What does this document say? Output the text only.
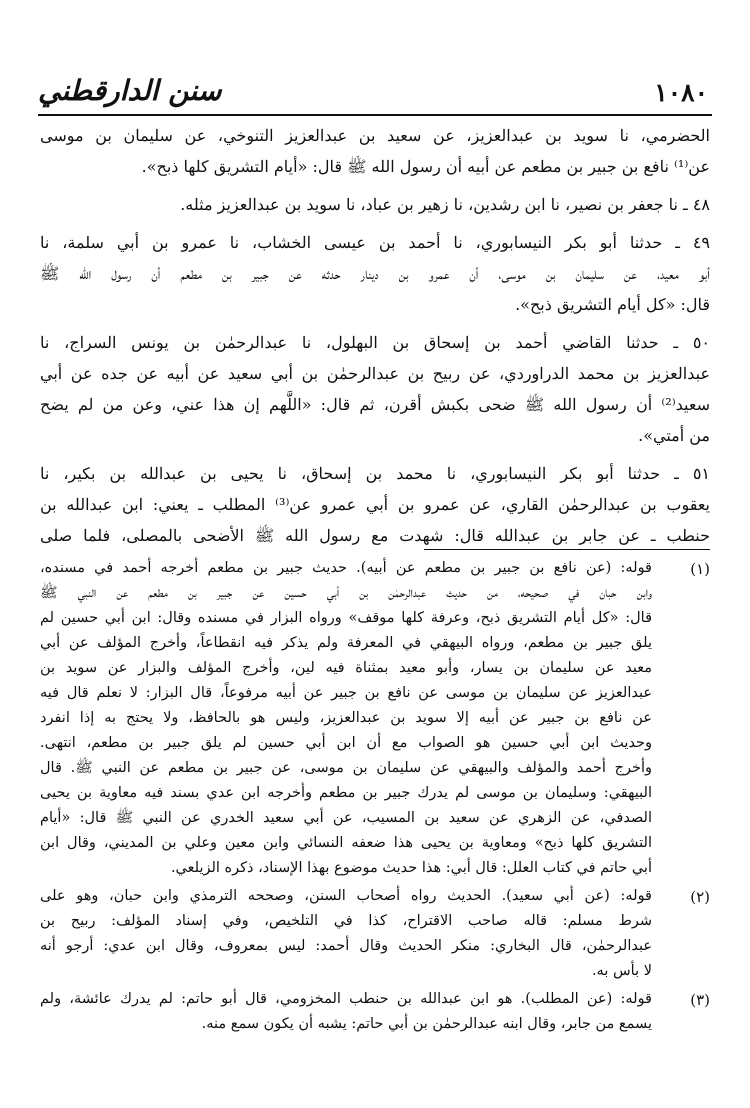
سنن الدارقطني	١٠٨٠
الحضرمي، نا سويد بن عبدالعزيز، عن سعيد بن عبدالعزيز التنوخي، عن سليمان بن موسى
عن⁽¹⁾ نافع بن جبير بن مطعم عن أبيه أن رسول الله ﷺ قال: «أيام التشريق كلها ذبح».
٤٨ ـ نا جعفر بن نصير، نا ابن رشدين، نا زهير بن عباد، نا سويد بن عبدالعزيز مثله.
٤٩ ـ حدثنا أبو بكر النيسابوري، نا أحمد بن عيسى الخشاب، نا عمرو بن أبي سلمة، نا
أبو معيد، عن سليمان بن موسى، أن عمرو بن دينار حدثه عن جبير بن مطعم أن رسول الله ﷺ
قال: «كل أيام التشريق ذبح».
٥٠ ـ حدثنا القاضي أحمد بن إسحاق بن البهلول، نا عبدالرحمٰن بن يونس السراج، نا
عبدالعزيز بن محمد الدراوردي، عن ربيح بن عبدالرحمٰن بن أبي سعيد عن أبيه عن جده عن أبي
سعيد⁽²⁾ أن رسول الله ﷺ ضحى بكبش أقرن، ثم قال: «اللَّهم إن هذا عني، وعن من لم يضح
من أمتي».
٥١ ـ حدثنا أبو بكر النيسابوري، نا محمد بن إسحاق، نا يحيى بن عبدالله بن بكير، نا
يعقوب بن عبدالرحمٰن القاري، عن عمرو بن أبي عمرو عن⁽³⁾ المطلب ـ يعني: ابن عبدالله بن
حنطب ـ عن جابر بن عبدالله قال: شهدت مع رسول الله ﷺ الأضحى بالمصلى، فلما صلى
(١)
قوله: (عن نافع بن جبير بن مطعم عن أبيه). حديث جبير بن مطعم أخرجه أحمد في مسنده،
وابن حبان في صحيحه، من حديث عبدالرحمٰن بن أبي حسين عن جبير بن مطعم عن النبي ﷺ
قال: «كل أيام التشريق ذبح، وعرفة كلها موقف» ورواه البزار في مسنده وقال: ابن أبي حسين لم
يلق جبير بن مطعم، ورواه البيهقي في المعرفة ولم يذكر فيه انقطاعاً، وأخرج المؤلف عن أبي
معيد عن سليمان بن يسار، وأبو معيد بمثناة فيه لين، وأخرج المؤلف والبزار عن سويد بن
عبدالعزيز عن سليمان بن موسى عن نافع بن جبير عن أبيه مرفوعاً، قال البزار: لا نعلم قال فيه
عن نافع بن جبير عن أبيه إلا سويد بن عبدالعزيز، وليس هو بالحافظ، ولا يحتج به إذا انفرد
وحديث ابن أبي حسين هو الصواب مع أن ابن أبي حسين لم يلق جبير بن مطعم، انتهى.
وأخرج أحمد والمؤلف والبيهقي عن سليمان بن موسى، عن جبير بن مطعم عن النبي ﷺ. قال
البيهقي: وسليمان بن موسى لم يدرك جبير بن مطعم وأخرجه ابن عدي بسند فيه معاوية بن يحيى
الصدفي، عن الزهري عن سعيد بن المسيب، عن أبي سعيد الخدري عن النبي ﷺ قال: «أيام
التشريق كلها ذبح» ومعاوية بن يحيى هذا ضعفه النسائي وابن معين وعلي بن المديني، وقال ابن
أبي حاتم في كتاب العلل: قال أبي: هذا حديث موضوع بهذا الإسناد، ذكره الزيلعي.
(٢)
قوله: (عن أبي سعيد). الحديث رواه أصحاب السنن، وصححه الترمذي وابن حبان، وهو على
شرط مسلم: قاله صاحب الاقتراح، كذا في التلخيص، وفي إسناد المؤلف: ربيح بن
عبدالرحمٰن، قال البخاري: منكر الحديث وقال أحمد: ليس بمعروف، وقال ابن عدي: أرجو أنه
لا بأس به.
(٣)
قوله: (عن المطلب). هو ابن عبدالله بن حنطب المخزومي، قال أبو حاتم: لم يدرك عائشة، ولم
يسمع من جابر، وقال ابنه عبدالرحمٰن بن أبي حاتم: يشبه أن يكون سمع منه.
